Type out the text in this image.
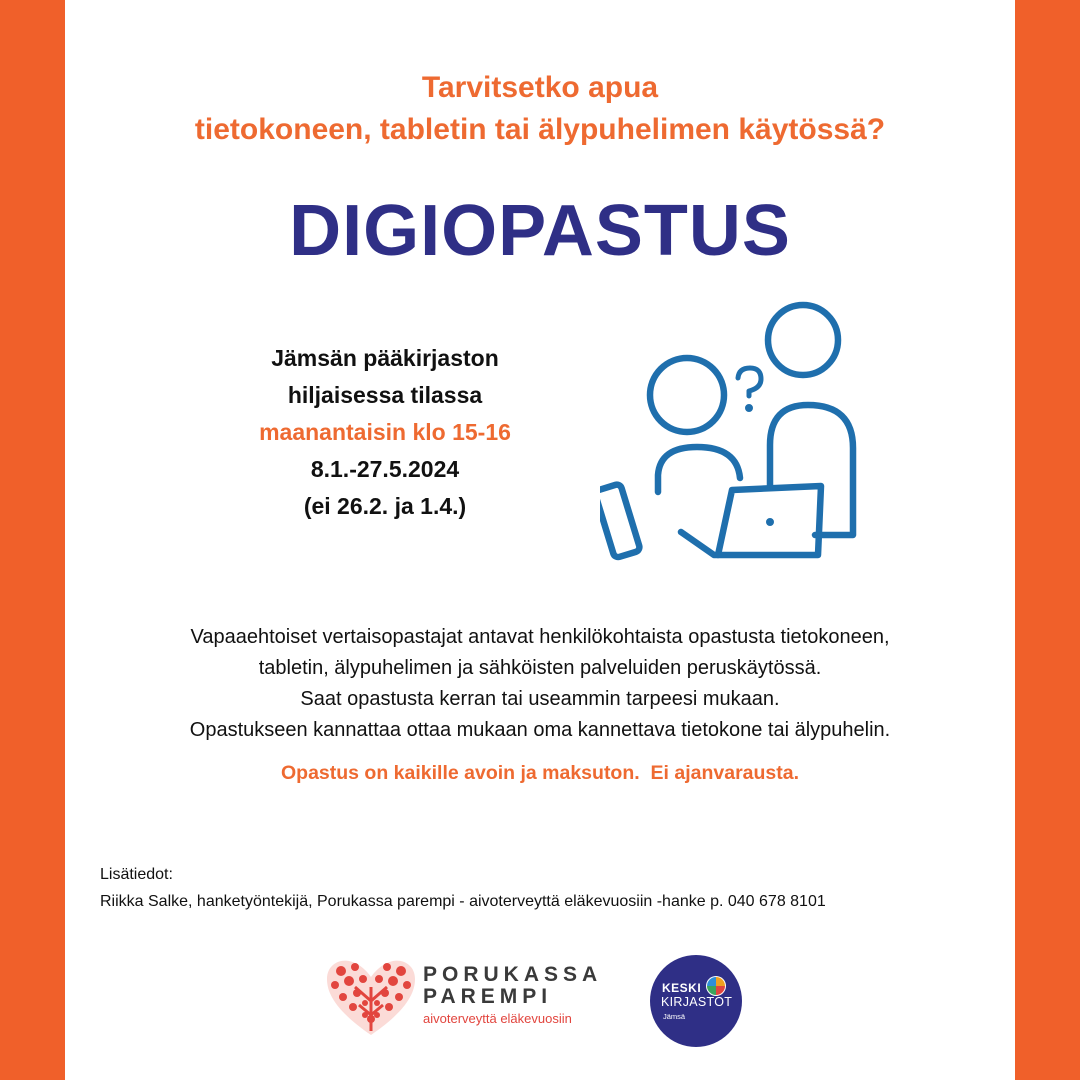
Tarvitsetko apua
tietokoneen, tabletin tai älypuhelimen käytössä?
DIGIOPASTUS
Jämsän pääkirjaston
hiljaisessa tilassa
maanantaisin klo 15-16
8.1.-27.5.2024
(ei 26.2. ja 1.4.)
Vapaaehtoiset vertaisopastajat antavat henkilökohtaista opastusta tietokoneen,
tabletin, älypuhelimen ja sähköisten palveluiden peruskäytössä.
Saat opastusta kerran tai useammin tarpeesi mukaan.
Opastukseen kannattaa ottaa mukaan oma kannettava tietokone tai älypuhelin.
Opastus on kaikille avoin ja maksuton.  Ei ajanvarausta.
Lisätiedot:
Riikka Salke, hanketyöntekijä, Porukassa parempi - aivoterveyttä eläkevuosiin -hanke p. 040 678 8101
PORUKASSA
PAREMPI
aivoterveyttä eläkevuosiin
KESKI
KIRJASTOT
Jämsä
